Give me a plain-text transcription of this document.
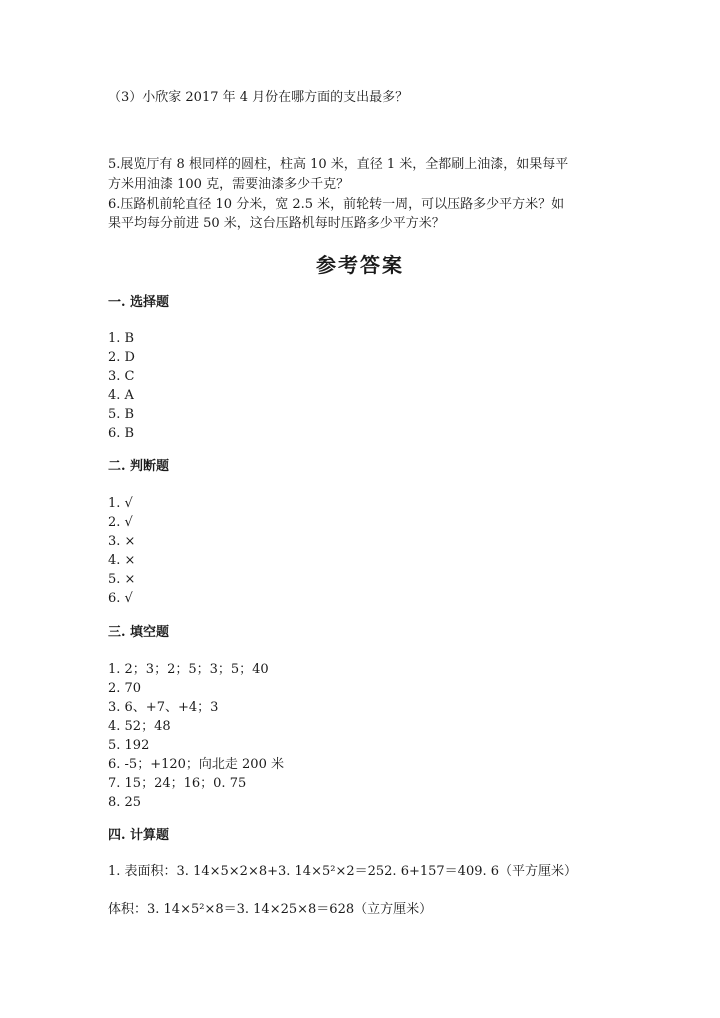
（3）小欣家 2017 年 4 月份在哪方面的支出最多？
5.展览厅有 8 根同样的圆柱，柱高 10 米，直径 1 米，全都刷上油漆，如果每平
方米用油漆 100 克，需要油漆多少千克？
6.压路机前轮直径 10 分米，宽 2.5 米，前轮转一周，可以压路多少平方米？如
果平均每分前进 50 米，这台压路机每时压路多少平方米？
参考答案
一. 选择题
1. B
2. D
3. C
4. A
5. B
6. B
二. 判断题
1. √
2. √
3. ×
4. ×
5. ×
6. √
三. 填空题
1. 2；3；2；5；3；5；40
2. 70
3. 6、+7、+4；3
4. 52；48
5. 192
6. -5；+120；向北走 200 米
7. 15；24；16；0. 75
8. 25
四. 计算题
1. 表面积：3. 14×5×2×8+3. 14×5²×2＝252. 6+157＝409. 6（平方厘米）
体积：3. 14×5²×8＝3. 14×25×8＝628（立方厘米）
